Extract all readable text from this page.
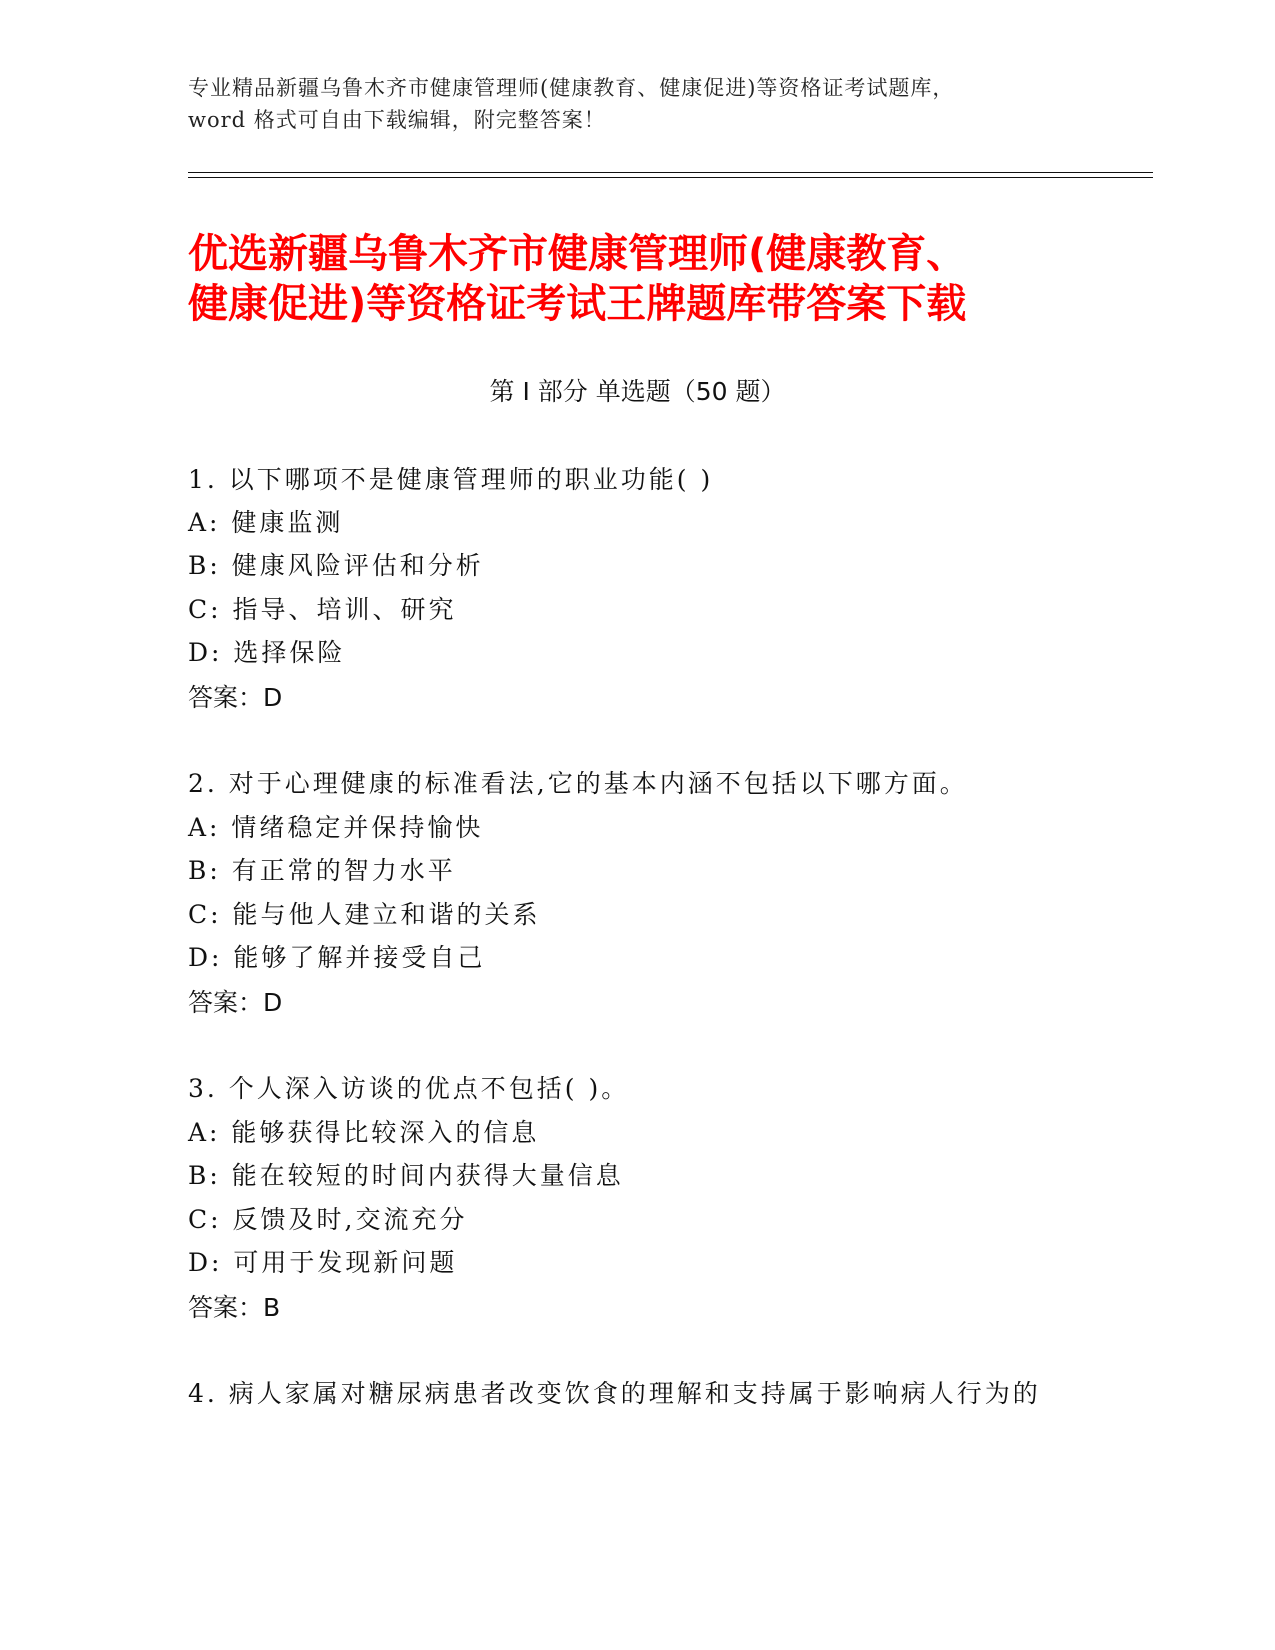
专业精品新疆乌鲁木齐市健康管理师(健康教育、健康促进)等资格证考试题库，
word 格式可自由下载编辑，附完整答案！
优选新疆乌鲁木齐市健康管理师(健康教育、
健康促进)等资格证考试王牌题库带答案下载
第 I 部分 单选题（50 题）
1. 以下哪项不是健康管理师的职业功能( )
A: 健康监测
B: 健康风险评估和分析
C: 指导、培训、研究
D: 选择保险
答案：D
2. 对于心理健康的标准看法,它的基本内涵不包括以下哪方面。
A: 情绪稳定并保持愉快
B: 有正常的智力水平
C: 能与他人建立和谐的关系
D: 能够了解并接受自己
答案：D
3. 个人深入访谈的优点不包括( )。
A: 能够获得比较深入的信息
B: 能在较短的时间内获得大量信息
C: 反馈及时,交流充分
D: 可用于发现新问题
答案：B
4. 病人家属对糖尿病患者改变饮食的理解和支持属于影响病人行为的
